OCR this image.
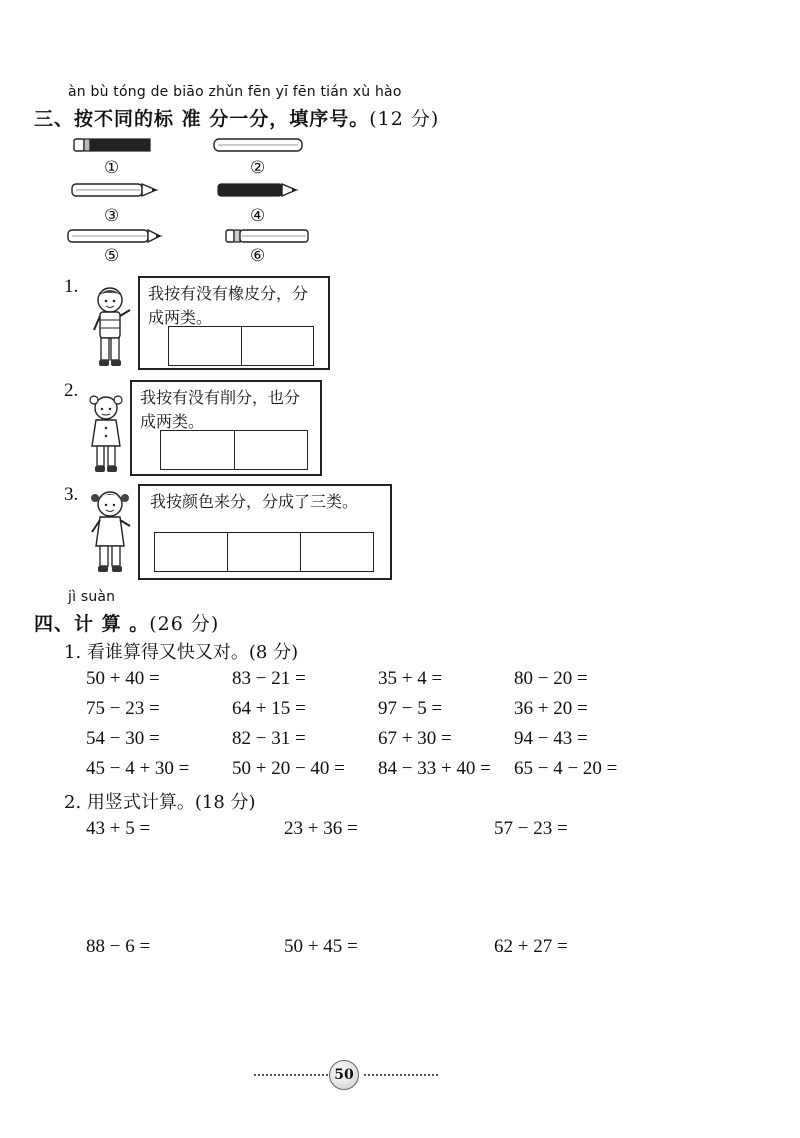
àn bù tóng de biāo zhǔn fēn yī fēn tián xù hào
三、按不同的标 准 分一分，填序号。(12 分)
①	②
③	④
⑤	⑥
1.	我按有没有橡皮分，分
成两类。
2.	我按有没有削分，也分
成两类。
3.	我按颜色来分，分成了三类。
jì suàn
四、计 算 。(26 分)
1. 看谁算得又快又对。(8 分)
50 + 40 =	83 − 21 =	35 + 4 =	80 − 20 =
75 − 23 =	64 + 15 =	97 − 5 =	36 + 20 =
54 − 30 =	82 − 31 =	67 + 30 =	94 − 43 =
45 − 4 + 30 = 50 + 20 − 40 = 84 − 33 + 40 = 65 − 4 − 20 =
2. 用竖式计算。(18 分)
43 + 5 =	23 + 36 =	57 − 23 =
88 − 6 =	50 + 45 =	62 + 27 =
50
